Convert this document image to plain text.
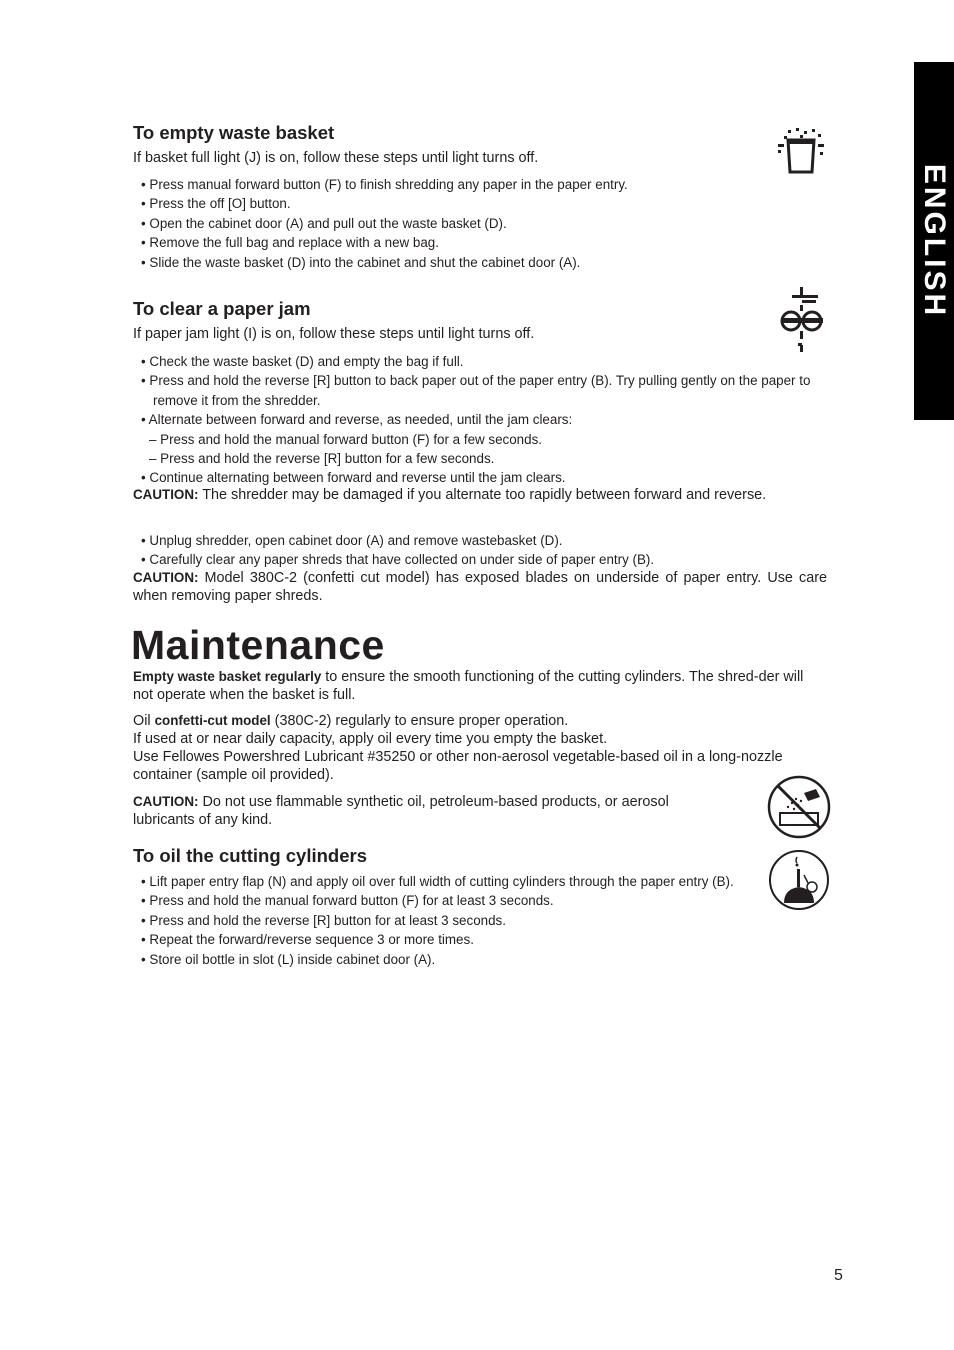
ENGLISH
To empty waste basket
If basket full light (J) is on, follow these steps until light turns off.
• Press manual forward button (F) to finish shredding any paper in the paper entry.
• Press the off [O] button.
• Open the cabinet door (A) and pull out the waste basket (D).
• Remove the full bag and replace with a new bag.
• Slide the waste basket (D) into the cabinet and shut the cabinet door (A).
To clear a paper jam
If paper jam light (I) is on, follow these steps until light turns off.
• Check the waste basket (D) and empty the bag if full.
• Press and hold the reverse [R] button to back paper out of the paper entry (B). Try pulling gently on the paper to remove it from the shredder.
• Alternate between forward and reverse, as needed, until the jam clears:
– Press and hold the manual forward button (F) for a few seconds.
– Press and hold the reverse [R] button for a few seconds.
• Continue alternating between forward and reverse until the jam clears.
CAUTION: The shredder may be damaged if you alternate too rapidly between forward and reverse.
• Unplug shredder, open cabinet door (A) and remove wastebasket (D).
• Carefully clear any paper shreds that have collected on under side of paper entry (B).
CAUTION: Model 380C-2 (confetti cut model) has exposed blades on underside of paper entry. Use care when removing paper shreds.
Maintenance
Empty waste basket regularly to ensure the smooth functioning of the cutting cylinders. The shred-der will not operate when the basket is full.
Oil confetti-cut model (380C-2) regularly to ensure proper operation.
If used at or near daily capacity, apply oil every time you empty the basket.
Use Fellowes Powershred Lubricant #35250 or other non-aerosol vegetable-based oil in a long-nozzle container (sample oil provided).
CAUTION: Do not use flammable synthetic oil, petroleum-based products, or aerosol lubricants of any kind.
To oil the cutting cylinders
• Lift paper entry flap (N) and apply oil over full width of cutting cylinders through the paper entry (B).
• Press and hold the manual forward button (F) for at least 3 seconds.
• Press and hold the reverse [R] button for at least 3 seconds.
• Repeat the forward/reverse sequence 3 or more times.
• Store oil bottle in slot (L) inside cabinet door (A).
5
